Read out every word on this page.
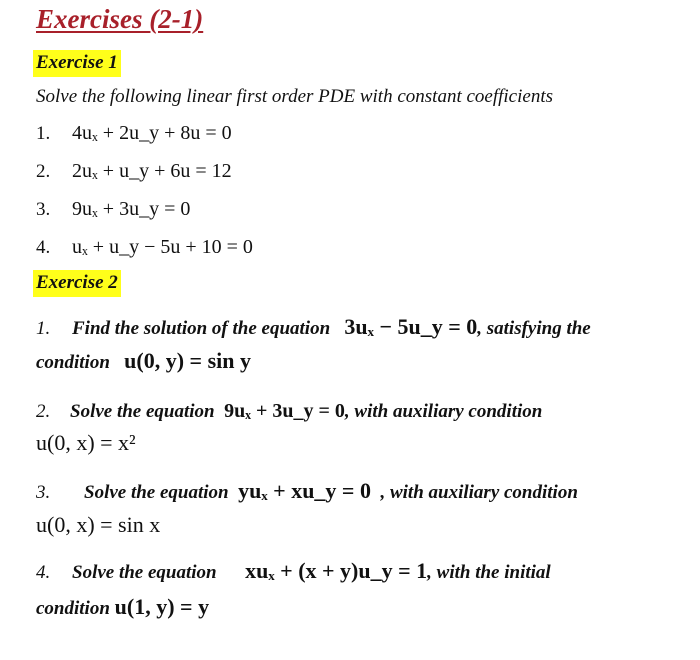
Exercises (2-1)
Exercise 1
Solve the following linear first order PDE with constant coefficients
1. 4uₓ + 2u_y + 8u = 0
2. 2uₓ + u_y + 6u = 12
3. 9uₓ + 3u_y = 0
4. uₓ + u_y − 5u + 10 = 0
Exercise 2
1. Find the solution of the equation 3uₓ − 5u_y = 0, satisfying the
condition u(0, y) = sin y
2. Solve the equation 9uₓ + 3u_y = 0, with auxiliary condition
u(0, x) = x²
3. Solve the equation yuₓ + xu_y = 0 , with auxiliary condition
u(0, x) = sin x
4. Solve the equation xuₓ + (x + y)u_y = 1, with the initial
condition u(1, y) = y
